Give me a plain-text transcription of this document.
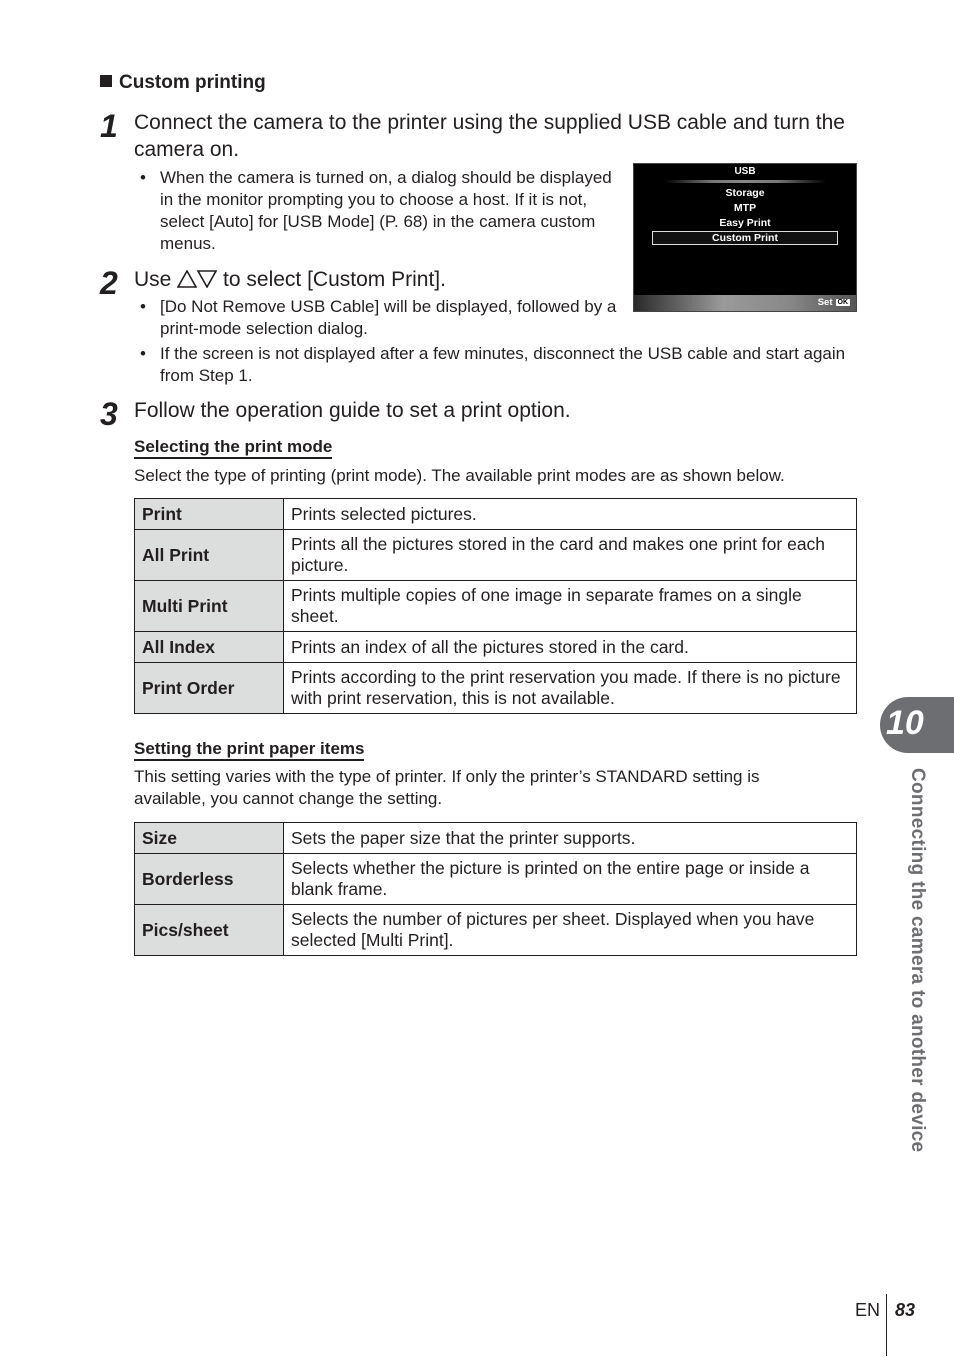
Custom printing
1 Connect the camera to the printer using the supplied USB cable and turn the camera on.
• When the camera is turned on, a dialog should be displayed in the monitor prompting you to choose a host. If it is not, select [Auto] for [USB Mode] (P. 68) in the camera custom menus.
USB
Storage
MTP
Easy Print
Custom Print
Set OK
2 Use to select [Custom Print].
• [Do Not Remove USB Cable] will be displayed, followed by a print-mode selection dialog.
• If the screen is not displayed after a few minutes, disconnect the USB cable and start again from Step 1.
3 Follow the operation guide to set a print option.
Selecting the print mode
Select the type of printing (print mode). The available print modes are as shown below.
Print	Prints selected pictures.
All Print	Prints all the pictures stored in the card and makes one print for each picture.
Multi Print	Prints multiple copies of one image in separate frames on a single sheet.
All Index	Prints an index of all the pictures stored in the card.
Print Order	Prints according to the print reservation you made. If there is no picture with print reservation, this is not available.
Setting the print paper items
This setting varies with the type of printer. If only the printer’s STANDARD setting is available, you cannot change the setting.
Size	Sets the paper size that the printer supports.
Borderless	Selects whether the picture is printed on the entire page or inside a blank frame.
Pics/sheet	Selects the number of pictures per sheet. Displayed when you have selected [Multi Print].
10
Connecting the camera to another device
EN 83
